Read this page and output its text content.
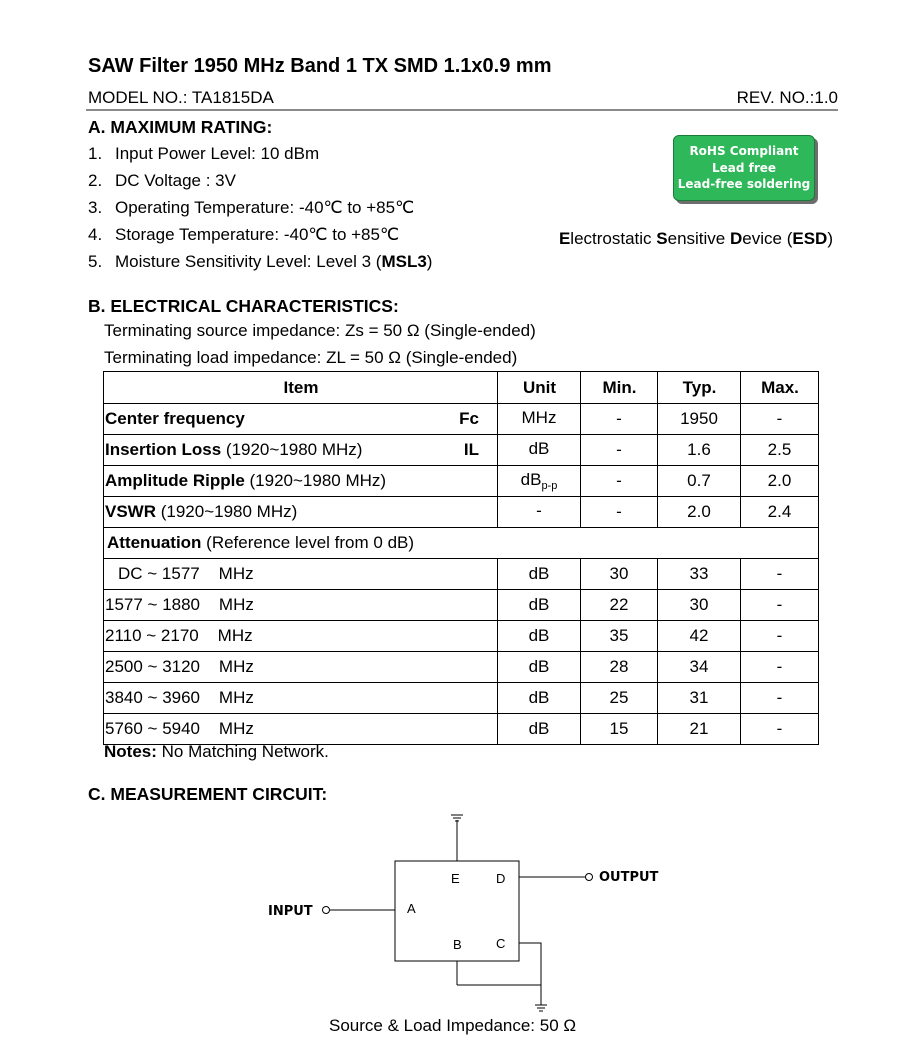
SAW Filter 1950 MHz Band 1 TX SMD 1.1x0.9 mm
MODEL NO.: TA1815DA	REV. NO.:1.0
A. MAXIMUM RATING:
1. Input Power Level: 10 dBm
2. DC Voltage : 3V
3. Operating Temperature: -40℃ to +85℃
4. Storage Temperature: -40℃ to +85℃
5. Moisture Sensitivity Level: Level 3 (MSL3)
RoHS Compliant
Lead free
Lead-free soldering
Electrostatic Sensitive Device (ESD)
B. ELECTRICAL CHARACTERISTICS:
Terminating source impedance: Zs = 50 Ω (Single-ended)
Terminating load impedance: ZL = 50 Ω (Single-ended)
Item	Unit	Min.	Typ.	Max.
Center frequency Fc	MHz	-	1950	-
Insertion Loss (1920~1980 MHz) IL	dB	-	1.6	2.5
Amplitude Ripple (1920~1980 MHz)	$dB_{p-p}$	-	0.7	2.0
VSWR (1920~1980 MHz)	-	-	2.0	2.4
Attenuation (Reference level from 0 dB)				
DC ~ 1577 MHz	dB	30	33	-
1577 ~ 1880 MHz	dB	22	30	-
2110 ~ 2170 MHz	dB	35	42	-
2500 ~ 3120 MHz	dB	28	34	-
3840 ~ 3960 MHz	dB	25	31	-
5760 ~ 5940 MHz	dB	15	21	-
Notes: No Matching Network.
C. MEASUREMENT CIRCUIT:
E	D
A
B	C
INPUT
OUTPUT
Source & Load Impedance: 50 Ω
